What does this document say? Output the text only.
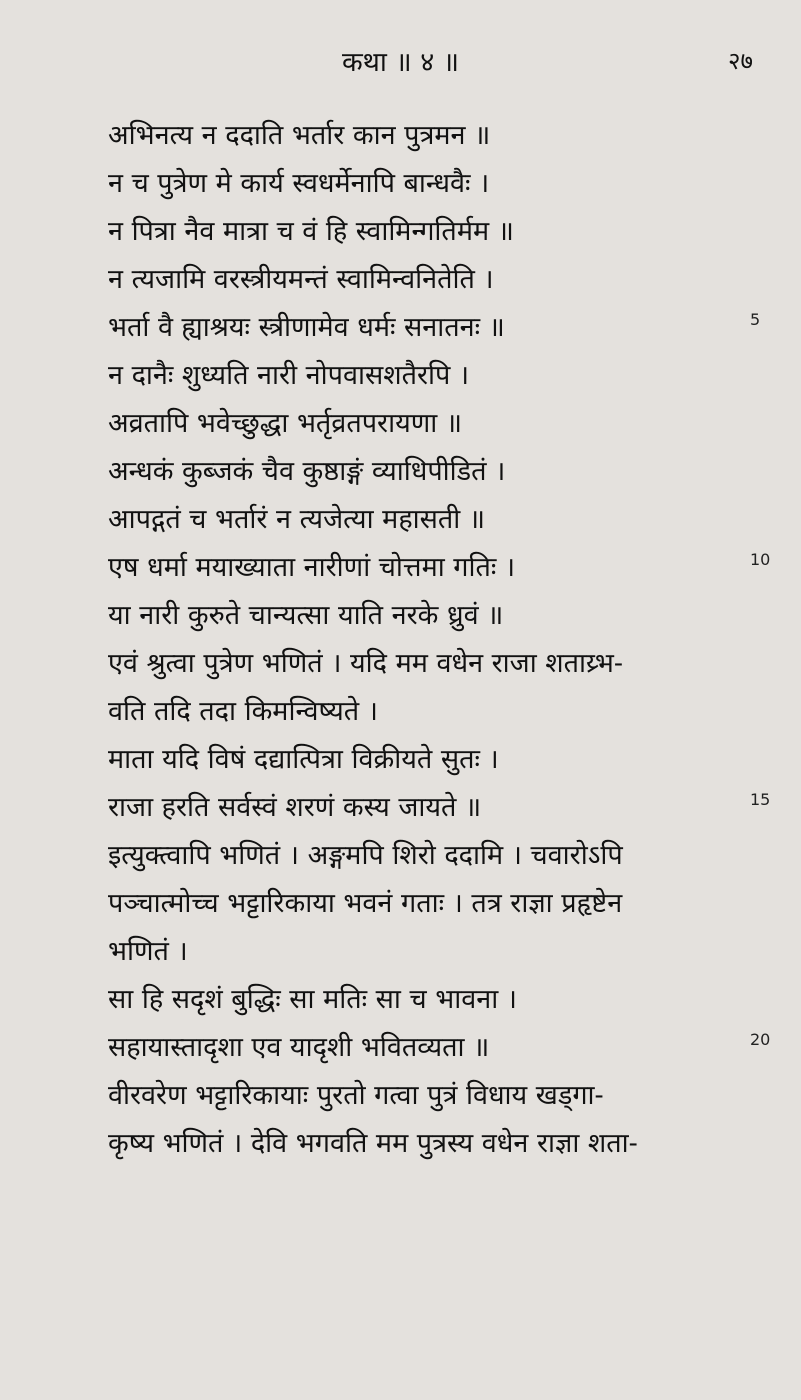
कथा ॥ ४ ॥	२७
अभिनत्य न ददाति भर्तार कान पुत्रमन ॥
न च पुत्रेण मे कार्य स्वधर्मेनापि बान्धवैः ।
न पित्रा नैव मात्रा च वं हि स्वामिन्गतिर्मम ॥
न त्यजामि वरस्त्रीयमन्तं स्वामिन्वनितेति ।
भर्ता वै ह्याश्रयः स्त्रीणामेव धर्मः सनातनः ॥	5
न दानैः शुध्यति नारी नोपवासशतैरपि ।
अव्रतापि भवेच्छुद्धा भर्तृव्रतपरायणा ॥
अन्धकं कुब्जकं चैव कुष्ठाङ्गं व्याधिपीडितं ।
आपद्गतं च भर्तारं न त्यजेत्या महासती ॥
एष धर्मा मयाख्याता नारीणां चोत्तमा गतिः ।	10
या नारी कुरुते चान्यत्सा याति नरके ध्रुवं ॥
एवं श्रुत्वा पुत्रेण भणितं । यदि मम वधेन राजा शताय्र्भ-
वति तदि तदा किमन्विष्यते ।
माता यदि विषं दद्यात्पित्रा विक्रीयते सुतः ।
राजा हरति सर्वस्वं शरणं कस्य जायते ॥	15
इत्युक्त्वापि भणितं । अङ्गमपि शिरो ददामि । चवारोऽपि
पञ्चात्मोच्च भट्टारिकाया भवनं गताः । तत्र राज्ञा प्रहृष्टेन
भणितं ।
सा हि सदृशं बुद्धिः सा मतिः सा च भावना ।
सहायास्तादृशा एव यादृशी भवितव्यता ॥	20
वीरवरेण भट्टारिकायाः पुरतो गत्वा पुत्रं विधाय खड्गा-
कृष्य भणितं । देवि भगवति मम पुत्रस्य वधेन राज्ञा शता-
